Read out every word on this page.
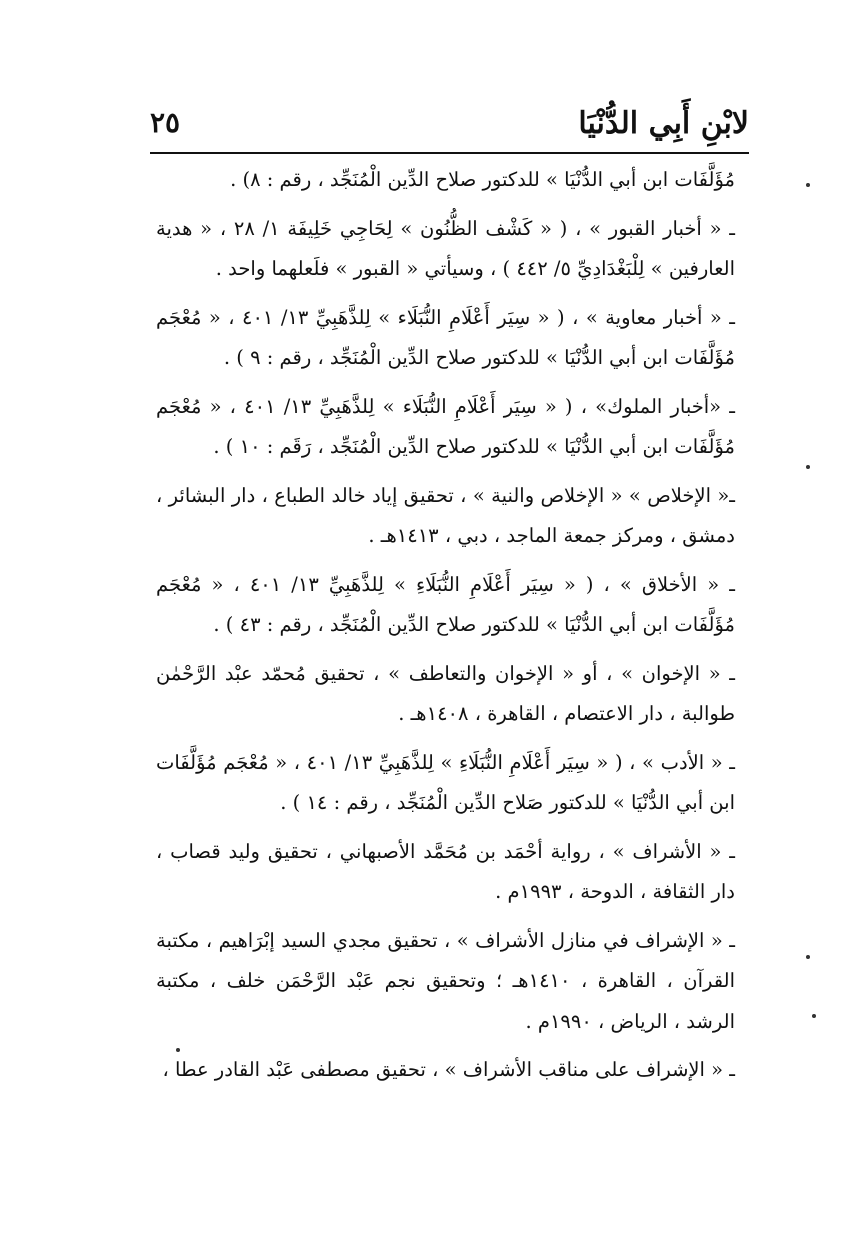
لابْنِ أَبِي الدُّنْيَا
٢٥

مُؤَلَّفَات ابن أبي الدُّنْيَا » للدكتور صلاح الدِّين الْمُنَجِّد ، رقم : ٨) .

ـ « أخبار القبور » ، ( « كَشْف الظُّنُون » لِحَاجِي خَلِيفَة ١/ ٢٨ ، « هدية العارفين » لِلْبَغْدَادِيِّ ٥/ ٤٤٢ ) ، وسيأتي « القبور » فلَعلهما واحد .

ـ « أخبار معاوية » ، ( « سِيَر أَعْلَامِ النُّبَلَاء » لِلذَّهَبِيِّ ١٣/ ٤٠١ ، « مُعْجَم مُؤَلَّفَات ابن أبي الدُّنْيَا » للدكتور صلاح الدِّين الْمُنَجِّد ، رقم : ٩ ) .

ـ «أخبار الملوك» ، ( « سِيَر أَعْلَامِ النُّبَلَاء » لِلذَّهَبِيِّ ١٣/ ٤٠١ ، « مُعْجَم مُؤَلَّفَات ابن أبي الدُّنْيَا » للدكتور صلاح الدِّين الْمُنَجِّد ، رَقَم : ١٠ ) .

ـ« الإخلاص » « الإخلاص والنية » ، تحقيق إياد خالد الطباع ، دار البشائر ، دمشق ، ومركز جمعة الماجد ، دبي ، ١٤١٣هـ .

ـ « الأخلاق » ، ( « سِيَر أَعْلَامِ النُّبَلَاءِ » لِلذَّهَبِيِّ ١٣/ ٤٠١ ، « مُعْجَم مُؤَلَّفَات ابن أبي الدُّنْيَا » للدكتور صلاح الدِّين الْمُنَجِّد ، رقم : ٤٣ ) .

ـ « الإخوان » ، أو « الإخوان والتعاطف » ، تحقيق مُحمّد عبْد الرَّحْمٰن طوالبة ، دار الاعتصام ، القاهرة ، ١٤٠٨هـ .

ـ « الأدب » ، ( « سِيَر أَعْلَامِ النُّبَلَاءِ » لِلذَّهَبِيِّ ١٣/ ٤٠١ ، « مُعْجَم مُؤَلَّفَات ابن أبي الدُّنْيَا » للدكتور صَلاح الدِّين الْمُنَجِّد ، رقم : ١٤ ) .

ـ « الأشراف » ، رواية أحْمَد بن مُحَمَّد الأصبهاني ، تحقيق وليد قصاب ، دار الثقافة ، الدوحة ، ١٩٩٣م .

ـ « الإشراف في منازل الأشراف » ، تحقيق مجدي السيد إبْرَاهيم ، مكتبة القرآن ، القاهرة ، ١٤١٠هـ ؛ وتحقيق نجم عَبْد الرَّحْمَن خلف ، مكتبة الرشد ، الرياض ، ١٩٩٠م .

ـ « الإشراف على مناقب الأشراف » ، تحقيق مصطفى عَبْد القادر عطا ،
